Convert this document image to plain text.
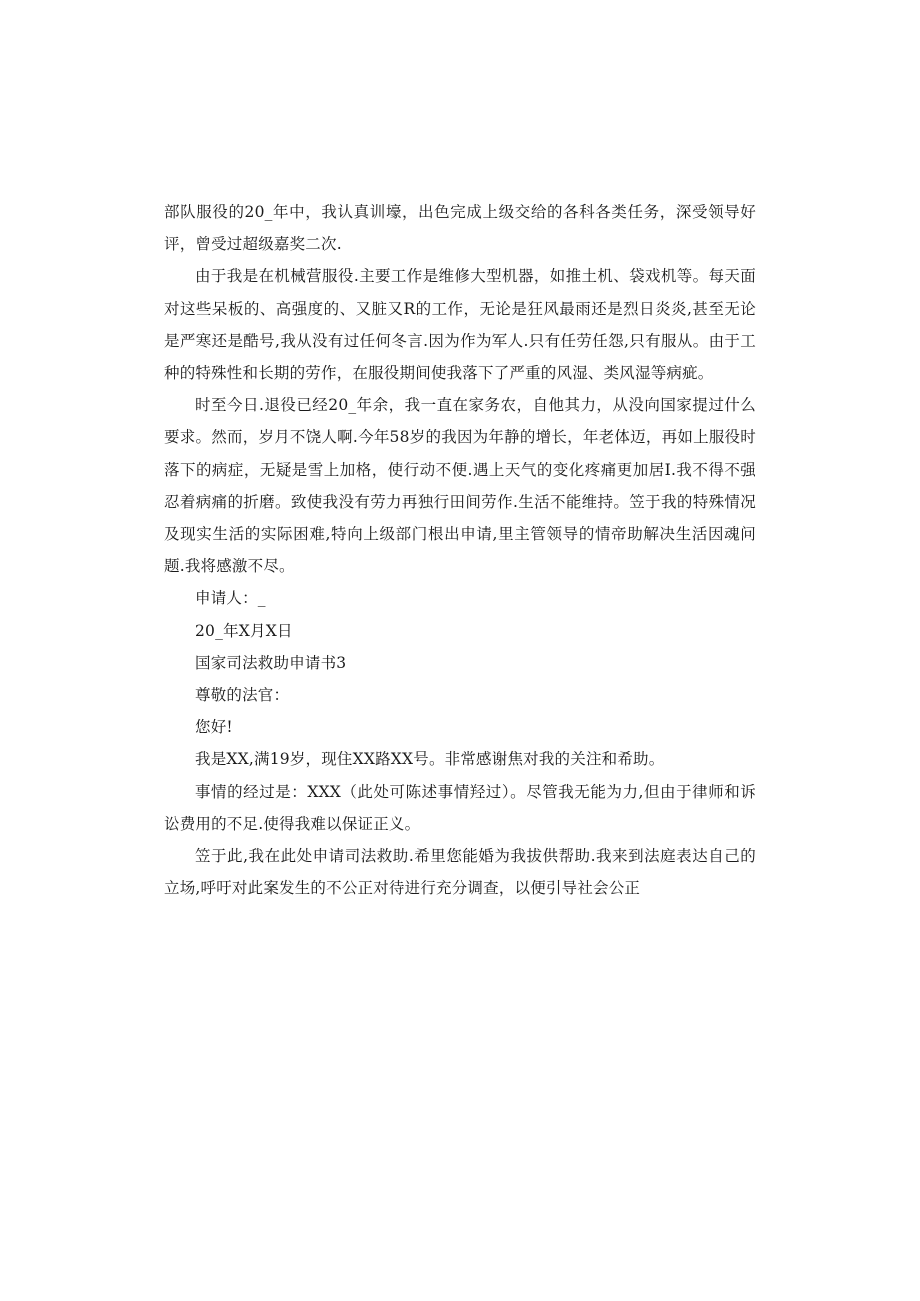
部队服役的20_年中，我认真训壕，出色完成上级交给的各科各类任务，深受领导好评，曾受过超级嘉奖二次.

由于我是在机械营服役.主要工作是维修大型机器，如推土机、袋戏机等。每天面对这些呆板的、高强度的、又脏又R的工作，无论是狂风最雨还是烈日炎炎,甚至无论是严寒还是酷号,我从没有过任何冬言.因为作为军人.只有任劳任怨,只有服从。由于工种的特殊性和长期的劳作，在服役期间使我落下了严重的风湿、类风湿等病疵。

时至今日.退役已经20_年余，我一直在家务农，自他其力，从没向国家提过什么要求。然而，岁月不饶人啊.今年58岁的我因为年静的增长，年老体迈，再如上服役时落下的病症，无疑是雪上加格，使行动不便.遇上天气的变化疼痛更加居I.我不得不强忍着病痛的折磨。致使我没有劳力再独行田间劳作.生活不能维持。笠于我的特殊情况及现实生活的实际困难,特向上级部门根出申请,里主管领导的情帝助解决生活因魂问题.我将感激不尽。

申请人：_

20_年X月X日

国家司法救助申请书3

尊敬的法官：

您好!

我是XX,满19岁，现住XX路XX号。非常感谢焦对我的关注和希助。

事情的经过是：XXX（此处可陈述事情羟过）。尽管我无能为力,但由于律师和诉讼费用的不足.使得我难以保证正义。

笠于此,我在此处申请司法救助.希里您能婚为我拔供帮助.我来到法庭表达自己的立场,呼吁对此案发生的不公正对待进行充分调查，以便引导社会公正
